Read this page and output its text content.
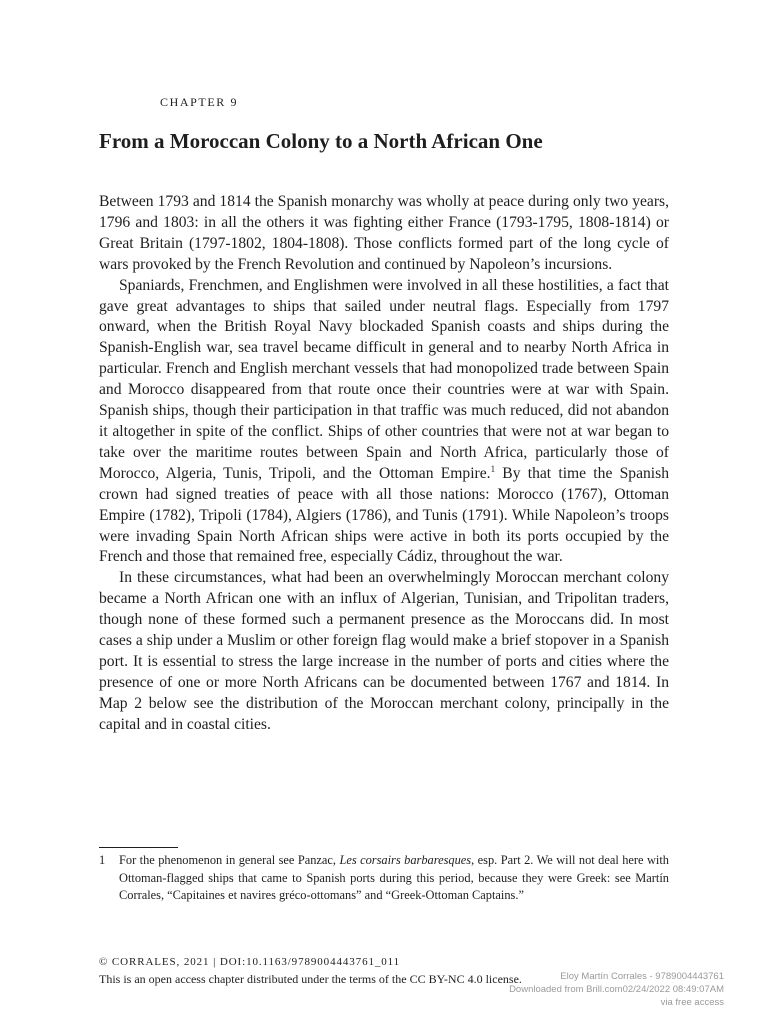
CHAPTER 9
From a Moroccan Colony to a North African One

Between 1793 and 1814 the Spanish monarchy was wholly at peace during only two years, 1796 and 1803: in all the others it was fighting either France (1793-1795, 1808-1814) or Great Britain (1797-1802, 1804-1808). Those conflicts formed part of the long cycle of wars provoked by the French Revolution and continued by Napoleon’s incursions.

Spaniards, Frenchmen, and Englishmen were involved in all these hostilities, a fact that gave great advantages to ships that sailed under neutral flags. Especially from 1797 onward, when the British Royal Navy blockaded Spanish coasts and ships during the Spanish-English war, sea travel became difficult in general and to nearby North Africa in particular. French and English merchant vessels that had monopolized trade between Spain and Morocco disappeared from that route once their countries were at war with Spain. Spanish ships, though their participation in that traffic was much reduced, did not abandon it altogether in spite of the conflict. Ships of other countries that were not at war began to take over the maritime routes between Spain and North Africa, particularly those of Morocco, Algeria, Tunis, Tripoli, and the Ottoman Empire.$^1$ By that time the Spanish crown had signed treaties of peace with all those nations: Morocco (1767), Ottoman Empire (1782), Tripoli (1784), Algiers (1786), and Tunis (1791). While Napoleon’s troops were invading Spain North African ships were active in both its ports occupied by the French and those that remained free, especially Cádiz, throughout the war.

In these circumstances, what had been an overwhelmingly Moroccan merchant colony became a North African one with an influx of Algerian, Tunisian, and Tripolitan traders, though none of these formed such a permanent presence as the Moroccans did. In most cases a ship under a Muslim or other foreign flag would make a brief stopover in a Spanish port. It is essential to stress the large increase in the number of ports and cities where the presence of one or more North Africans can be documented between 1767 and 1814. In Map 2 below see the distribution of the Moroccan merchant colony, principally in the capital and in coastal cities.

1 For the phenomenon in general see Panzac, Les corsairs barbaresques, esp. Part 2. We will not deal here with Ottoman-flagged ships that came to Spanish ports during this period, because they were Greek: see Martín Corrales, “Capitaines et navires gréco-ottomans” and “Greek-Ottoman Captains.”
© CORRALES, 2021 | DOI:10.1163/9789004443761_011
This is an open access chapter distributed under the terms of the CC BY-NC 4.0 license.	Eloy Martín Corrales - 9789004443761
Downloaded from Brill.com02/24/2022 08:49:07AM
via free access
